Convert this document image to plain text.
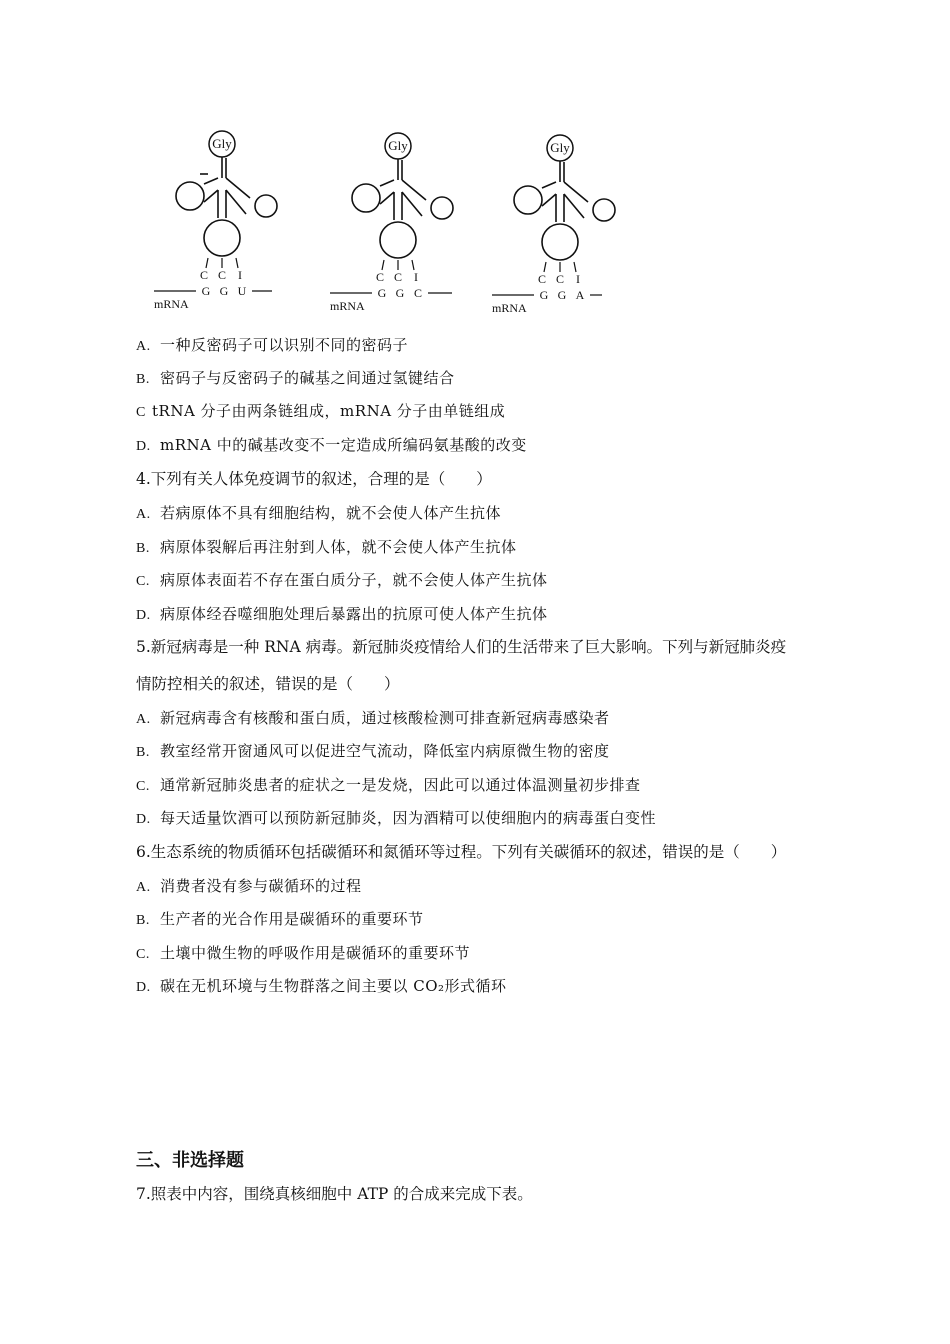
Gly
C C I
G G U
mRNA
Gly
C C I
G G C
mRNA
Gly
C C I
G G A
mRNA
A. 一种反密码子可以识别不同的密码子
B. 密码子与反密码子的碱基之间通过氢键结合
C tRNA 分子由两条链组成，mRNA 分子由单链组成
D. mRNA 中的碱基改变不一定造成所编码氨基酸的改变
4.下列有关人体免疫调节的叙述，合理的是（　　）
A. 若病原体不具有细胞结构，就不会使人体产生抗体
B. 病原体裂解后再注射到人体，就不会使人体产生抗体
C. 病原体表面若不存在蛋白质分子，就不会使人体产生抗体
D. 病原体经吞噬细胞处理后暴露出的抗原可使人体产生抗体
5.新冠病毒是一种 RNA 病毒。新冠肺炎疫情给人们的生活带来了巨大影响。下列与新冠肺炎疫
情防控相关的叙述，错误的是（　　）
A. 新冠病毒含有核酸和蛋白质，通过核酸检测可排查新冠病毒感染者
B. 教室经常开窗通风可以促进空气流动，降低室内病原微生物的密度
C. 通常新冠肺炎患者的症状之一是发烧，因此可以通过体温测量初步排查
D. 每天适量饮酒可以预防新冠肺炎，因为酒精可以使细胞内的病毒蛋白变性
6.生态系统的物质循环包括碳循环和氮循环等过程。下列有关碳循环的叙述，错误的是（　　）
A. 消费者没有参与碳循环的过程
B. 生产者的光合作用是碳循环的重要环节
C. 土壤中微生物的呼吸作用是碳循环的重要环节
D. 碳在无机环境与生物群落之间主要以 CO₂形式循环
三、非选择题
7.照表中内容，围绕真核细胞中 ATP 的合成来完成下表。
